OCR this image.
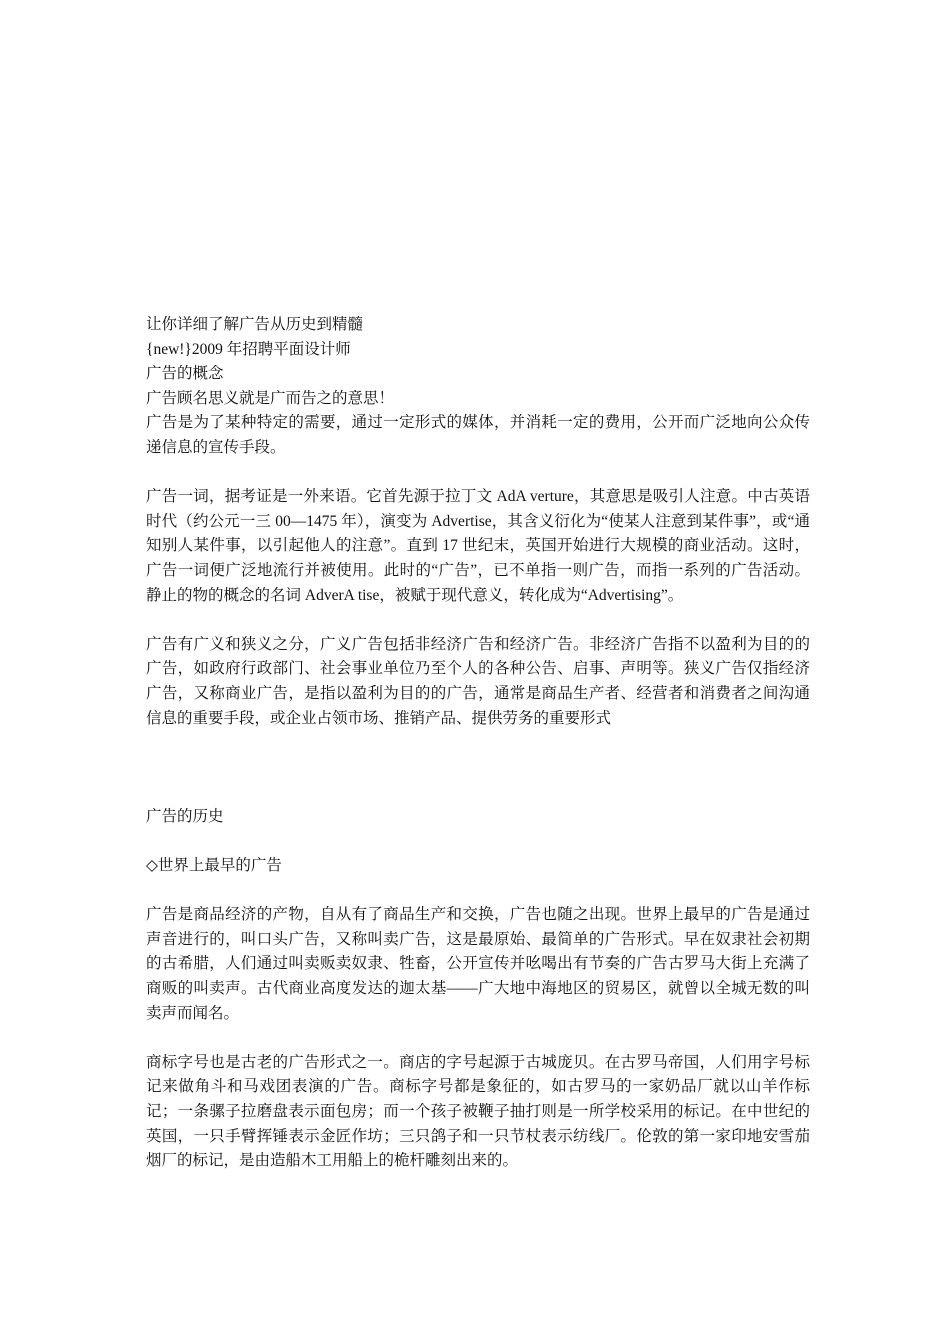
让你详细了解广告从历史到精髓

{new!}2009 年招聘平面设计师

广告的概念

广告顾名思义就是广而告之的意思！

广告是为了某种特定的需要，通过一定形式的媒体，并消耗一定的费用，公开而广泛地向公众传递信息的宣传手段。

广告一词，据考证是一外来语。它首先源于拉丁文 AdA verture，其意思是吸引人注意。中古英语时代（约公元一三 00—1475 年），演变为 Advertise，其含义衍化为“使某人注意到某件事”，或“通知别人某件事，以引起他人的注意”。直到 17 世纪末，英国开始进行大规模的商业活动。这时，广告一词便广泛地流行并被使用。此时的“广告”，已不单指一则广告，而指一系列的广告活动。静止的物的概念的名词 AdverA tise，被赋于现代意义，转化成为“Advertising”。

广告有广义和狭义之分，广义广告包括非经济广告和经济广告。非经济广告指不以盈利为目的的广告，如政府行政部门、社会事业单位乃至个人的各种公告、启事、声明等。狭义广告仅指经济广告，又称商业广告，是指以盈利为目的的广告，通常是商品生产者、经营者和消费者之间沟通信息的重要手段，或企业占领市场、推销产品、提供劳务的重要形式

广告的历史

◇世界上最早的广告

广告是商品经济的产物，自从有了商品生产和交换，广告也随之出现。世界上最早的广告是通过声音进行的，叫口头广告，又称叫卖广告，这是最原始、最简单的广告形式。早在奴隶社会初期的古希腊，人们通过叫卖贩卖奴隶、牲畜，公开宣传并吆喝出有节奏的广告古罗马大街上充满了商贩的叫卖声。古代商业高度发达的迦太基——广大地中海地区的贸易区，就曾以全城无数的叫卖声而闻名。

商标字号也是古老的广告形式之一。商店的字号起源于古城庞贝。在古罗马帝国，人们用字号标记来做角斗和马戏团表演的广告。商标字号都是象征的，如古罗马的一家奶品厂就以山羊作标记；一条骡子拉磨盘表示面包房；而一个孩子被鞭子抽打则是一所学校采用的标记。在中世纪的英国，一只手臂挥锤表示金匠作坊；三只鸽子和一只节杖表示纺线厂。伦敦的第一家印地安雪茄烟厂的标记，是由造船木工用船上的桅杆雕刻出来的。
